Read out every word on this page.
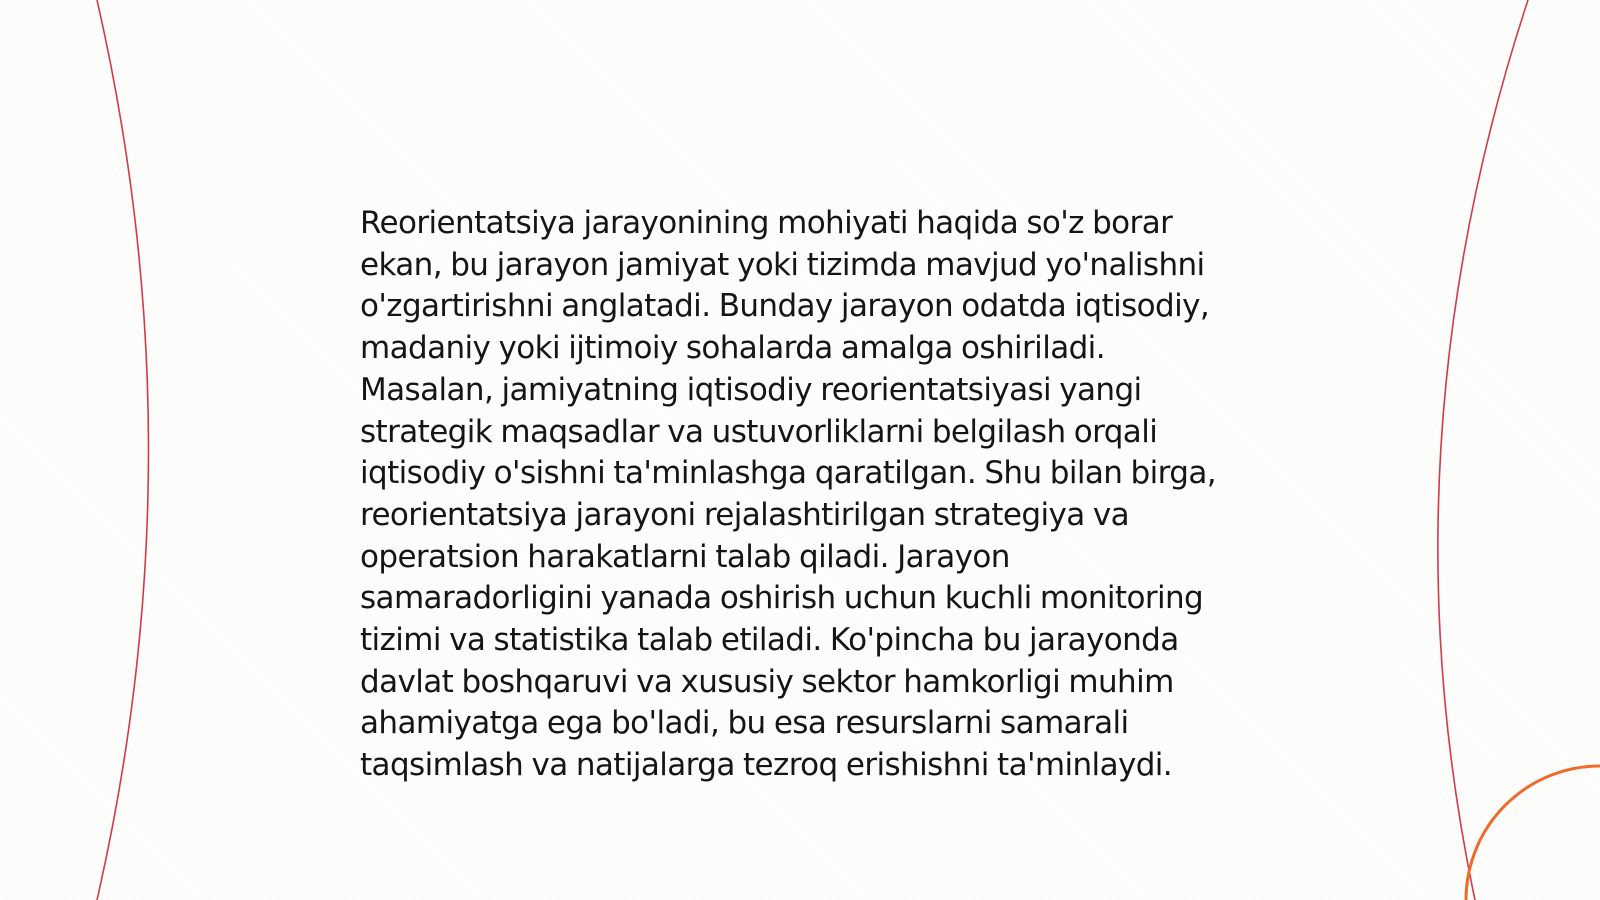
Reorientatsiya jarayonining mohiyati haqida so'z borar ekan, bu jarayon jamiyat yoki tizimda mavjud yo'nalishni o'zgartirishni anglatadi. Bunday jarayon odatda iqtisodiy, madaniy yoki ijtimoiy sohalarda amalga oshiriladi. Masalan, jamiyatning iqtisodiy reorientatsiyasi yangi strategik maqsadlar va ustuvorliklarni belgilash orqali iqtisodiy o'sishni ta'minlashga qaratilgan. Shu bilan birga, reorientatsiya jarayoni rejalashtirilgan strategiya va operatsion harakatlarni talab qiladi. Jarayon samaradorligini yanada oshirish uchun kuchli monitoring tizimi va statistika talab etiladi. Ko'pincha bu jarayonda davlat boshqaruvi va xususiy sektor hamkorligi muhim ahamiyatga ega bo'ladi, bu esa resurslarni samarali taqsimlash va natijalarga tezroq erishishni ta'minlaydi.
